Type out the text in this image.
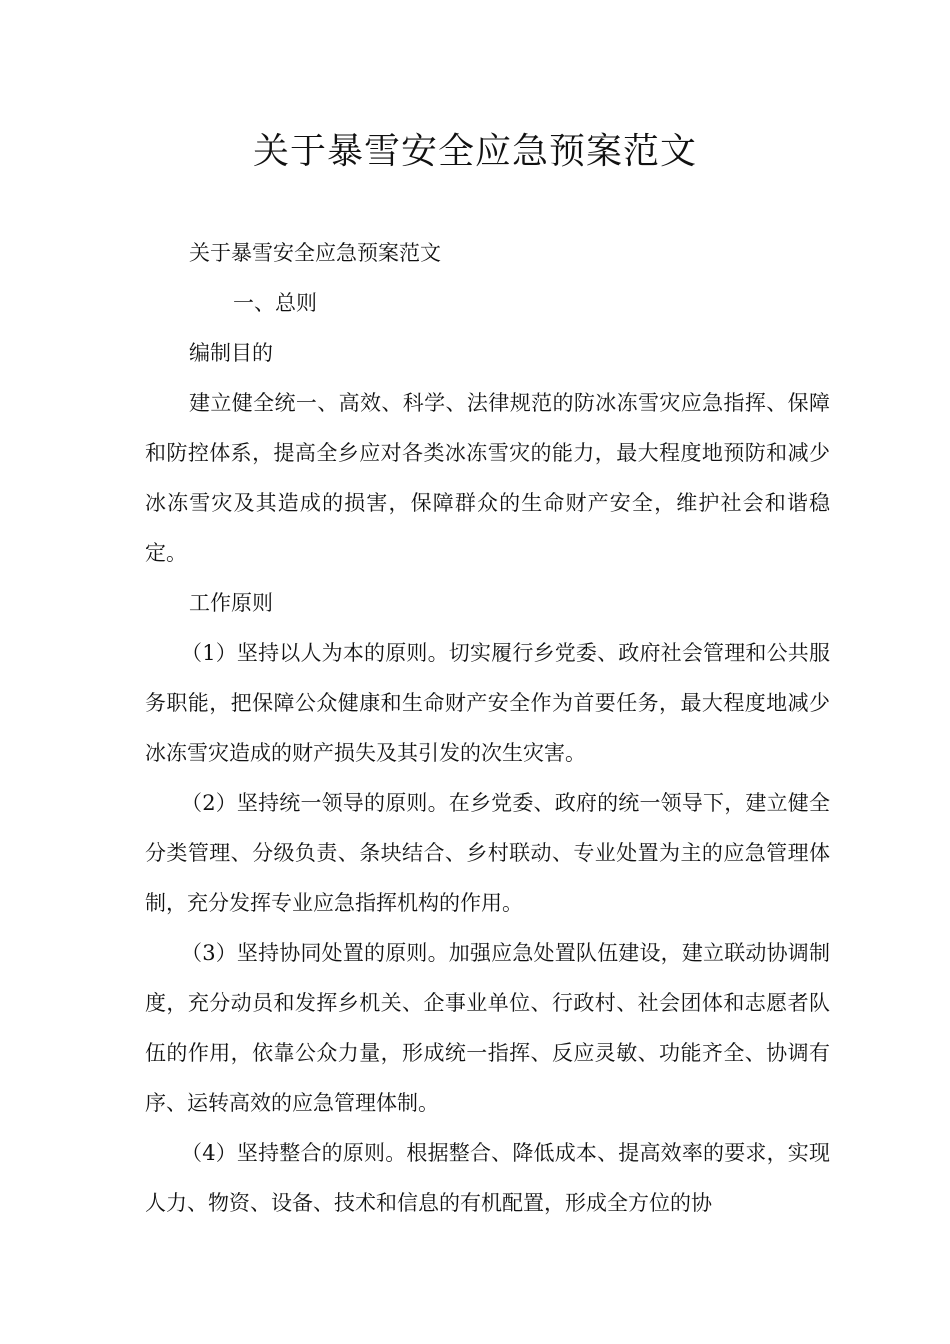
关于暴雪安全应急预案范文

关于暴雪安全应急预案范文

一、总则

编制目的

建立健全统一、高效、科学、法律规范的防冰冻雪灾应急指挥、保障和防控体系，提高全乡应对各类冰冻雪灾的能力，最大程度地预防和减少冰冻雪灾及其造成的损害，保障群众的生命财产安全，维护社会和谐稳定。

工作原则

（1）坚持以人为本的原则。切实履行乡党委、政府社会管理和公共服务职能，把保障公众健康和生命财产安全作为首要任务，最大程度地减少冰冻雪灾造成的财产损失及其引发的次生灾害。

（2）坚持统一领导的原则。在乡党委、政府的统一领导下，建立健全分类管理、分级负责、条块结合、乡村联动、专业处置为主的应急管理体制，充分发挥专业应急指挥机构的作用。

（3）坚持协同处置的原则。加强应急处置队伍建设，建立联动协调制度，充分动员和发挥乡机关、企事业单位、行政村、社会团体和志愿者队伍的作用，依靠公众力量，形成统一指挥、反应灵敏、功能齐全、协调有序、运转高效的应急管理体制。

（4）坚持整合的原则。根据整合、降低成本、提高效率的要求，实现人力、物资、设备、技术和信息的有机配置，形成全方位的协
